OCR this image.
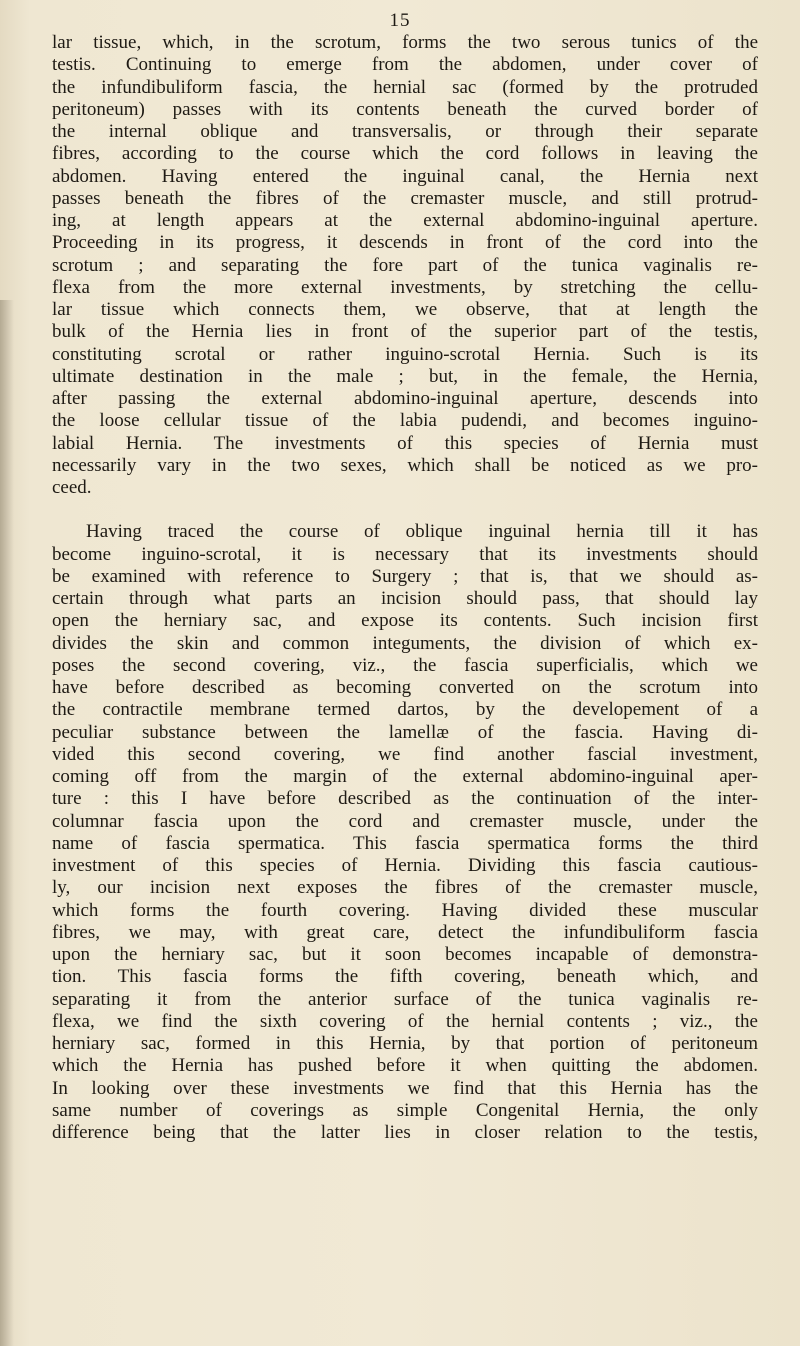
15

lar tissue, which, in the scrotum, forms the two serous tunics of the
testis. Continuing to emerge from the abdomen, under cover of
the infundibuliform fascia, the hernial sac (formed by the protruded
peritoneum) passes with its contents beneath the curved border of
the internal oblique and transversalis, or through their separate
fibres, according to the course which the cord follows in leaving the
abdomen. Having entered the inguinal canal, the Hernia next
passes beneath the fibres of the cremaster muscle, and still protrud-
ing, at length appears at the external abdomino-inguinal aperture.
Proceeding in its progress, it descends in front of the cord into the
scrotum ; and separating the fore part of the tunica vaginalis re-
flexa from the more external investments, by stretching the cellu-
lar tissue which connects them, we observe, that at length the
bulk of the Hernia lies in front of the superior part of the testis,
constituting scrotal or rather inguino-scrotal Hernia. Such is its
ultimate destination in the male ; but, in the female, the Hernia,
after passing the external abdomino-inguinal aperture, descends into
the loose cellular tissue of the labia pudendi, and becomes inguino-
labial Hernia. The investments of this species of Hernia must
necessarily vary in the two sexes, which shall be noticed as we pro-
ceed.

Having traced the course of oblique inguinal hernia till it has
become inguino-scrotal, it is necessary that its investments should
be examined with reference to Surgery ; that is, that we should as-
certain through what parts an incision should pass, that should lay
open the herniary sac, and expose its contents. Such incision first
divides the skin and common integuments, the division of which ex-
poses the second covering, viz., the fascia superficialis, which we
have before described as becoming converted on the scrotum into
the contractile membrane termed dartos, by the developement of a
peculiar substance between the lamellæ of the fascia. Having di-
vided this second covering, we find another fascial investment,
coming off from the margin of the external abdomino-inguinal aper-
ture : this I have before described as the continuation of the inter-
columnar fascia upon the cord and cremaster muscle, under the
name of fascia spermatica. This fascia spermatica forms the third
investment of this species of Hernia. Dividing this fascia cautious-
ly, our incision next exposes the fibres of the cremaster muscle,
which forms the fourth covering. Having divided these muscular
fibres, we may, with great care, detect the infundibuliform fascia
upon the herniary sac, but it soon becomes incapable of demonstra-
tion. This fascia forms the fifth covering, beneath which, and
separating it from the anterior surface of the tunica vaginalis re-
flexa, we find the sixth covering of the hernial contents ; viz., the
herniary sac, formed in this Hernia, by that portion of peritoneum
which the Hernia has pushed before it when quitting the abdomen.
In looking over these investments we find that this Hernia has the
same number of coverings as simple Congenital Hernia, the only
difference being that the latter lies in closer relation to the testis,
